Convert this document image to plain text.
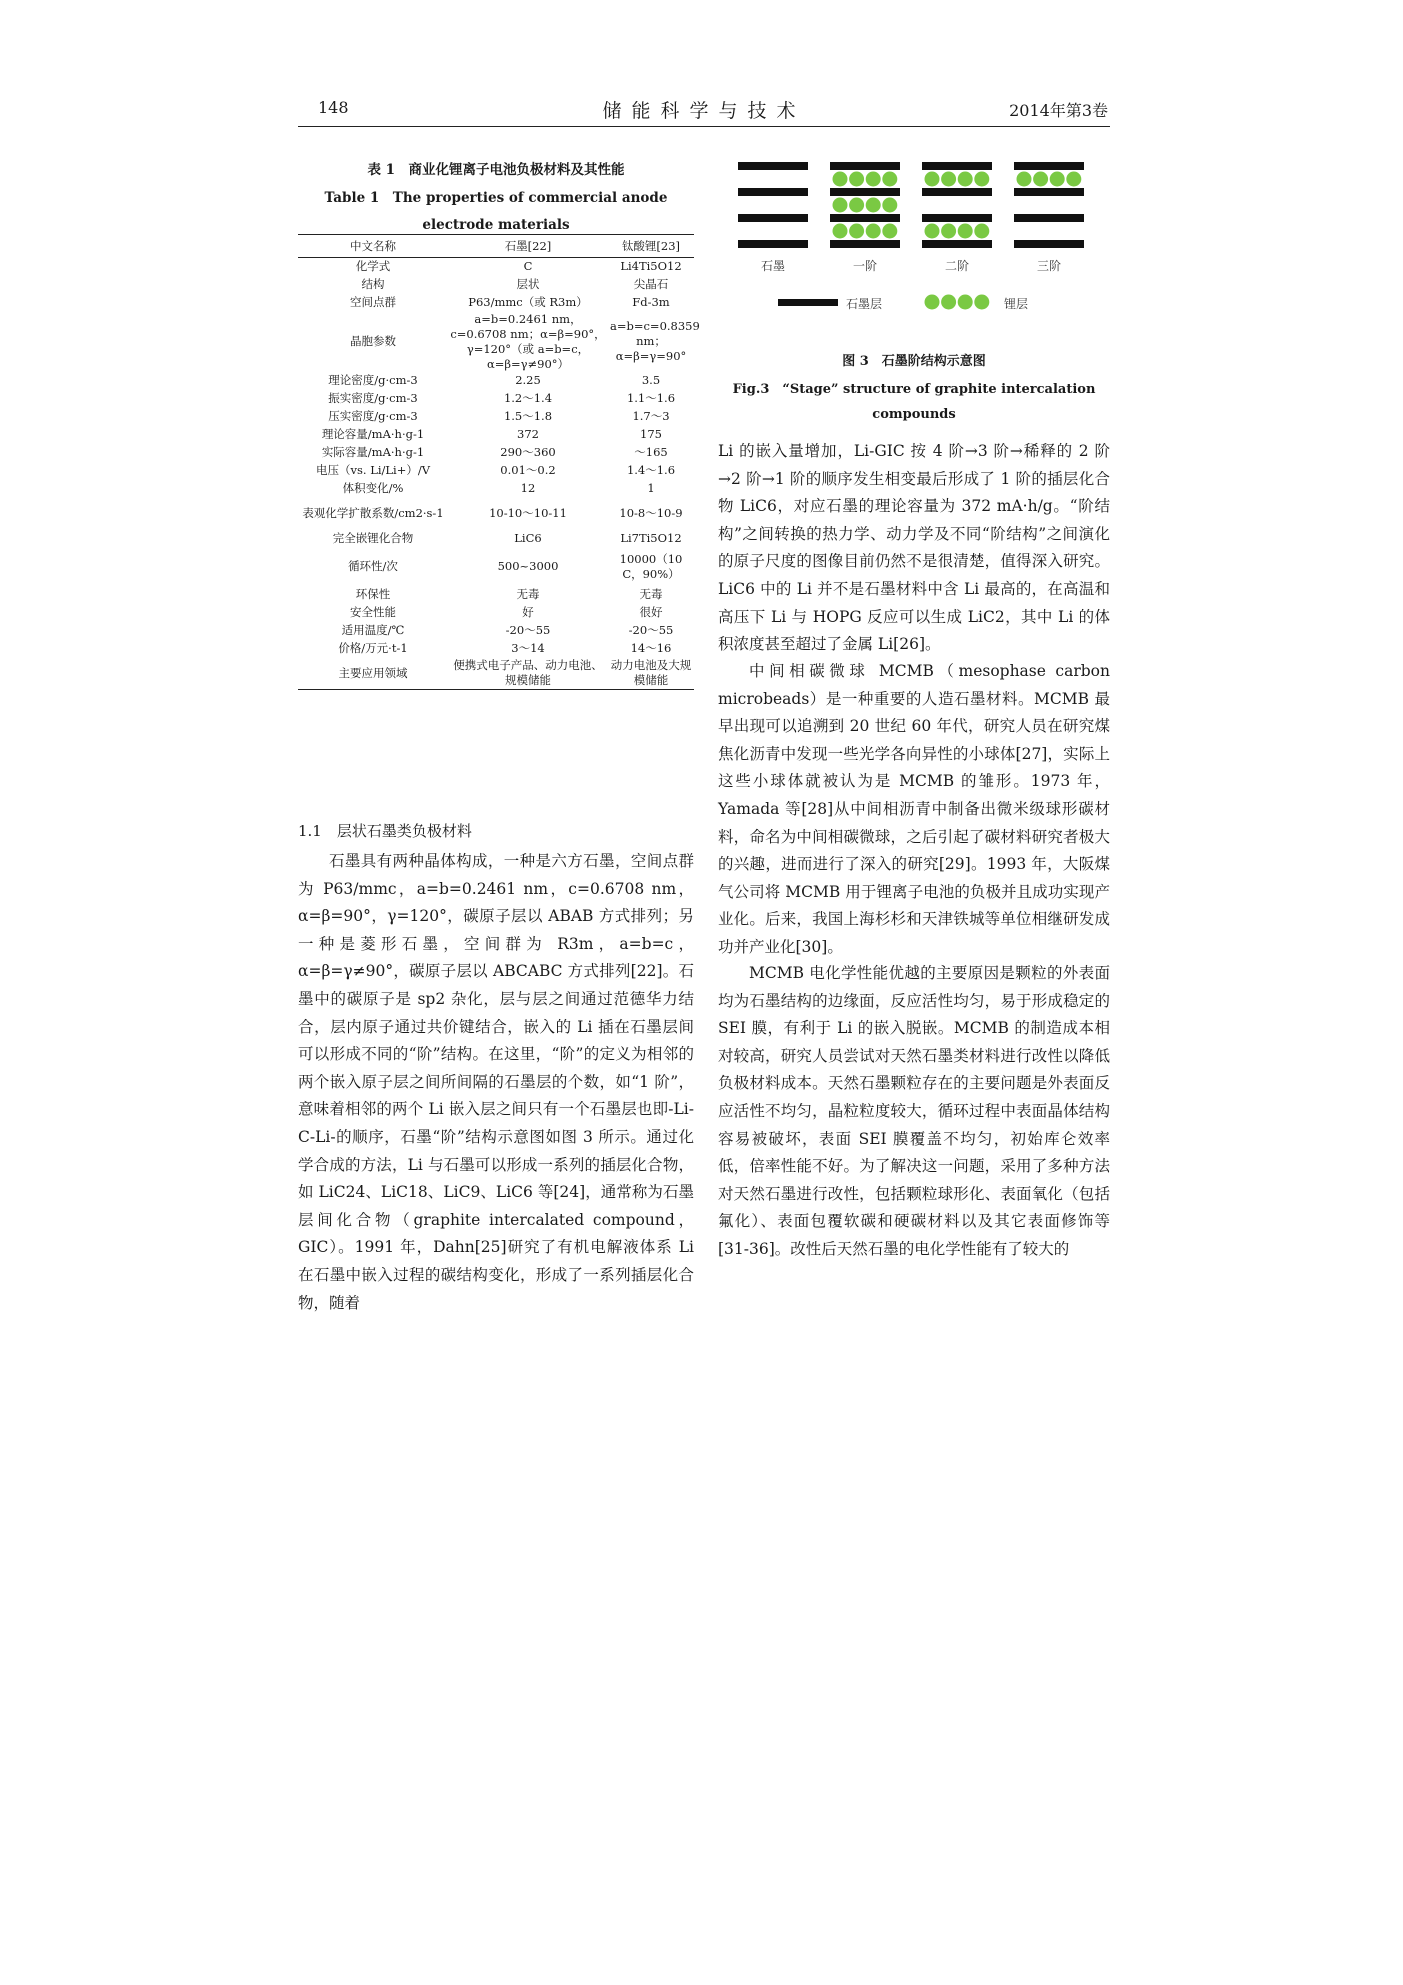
148	储能科学与技术	2014年第3卷
表 1　商业化锂离子电池负极材料及其性能
Table 1　The properties of commercial anode electrode materials
中文名称	石墨[22]	钛酸锂[23]
化学式	C	Li4Ti5O12
结构	层状	尖晶石
空间点群	P63/mmc（或 R3m）	Fd-3m
晶胞参数	a=b=0.2461 nm，c=0.6708 nm；α=β=90°，γ=120°（或 a=b=c，α=β=γ≠90°）	a=b=c=0.8359 nm；α=β=γ=90°
理论密度/g·cm-3	2.25	3.5
振实密度/g·cm-3	1.2～1.4	1.1～1.6
压实密度/g·cm-3	1.5～1.8	1.7～3
理论容量/mA·h·g-1	372	175
实际容量/mA·h·g-1	290～360	～165
电压（vs. Li/Li+）/V	0.01～0.2	1.4～1.6
体积变化/%	12	1
表观化学扩散系数/cm2·s-1	10-10～10-11	10-8～10-9
完全嵌锂化合物	LiC6	Li7Ti5O12
循环性/次	500~3000	10000（10 C，90%）
环保性	无毒	无毒
安全性能	好	很好
适用温度/℃	-20～55	-20～55
价格/万元·t-1	3～14	14～16
主要应用领域	便携式电子产品、动力电池、规模储能	动力电池及大规模储能
1.1　层状石墨类负极材料

石墨具有两种晶体构成，一种是六方石墨，空间点群为 P63/mmc，a=b=0.2461 nm，c=0.6708 nm，α=β=90°，γ=120°，碳原子层以 ABAB 方式排列；另一种是菱形石墨，空间群为 R3m，a=b=c，α=β=γ≠90°，碳原子层以 ABCABC 方式排列[22]。石墨中的碳原子是 sp2 杂化，层与层之间通过范德华力结合，层内原子通过共价键结合，嵌入的 Li 插在石墨层间可以形成不同的“阶”结构。在这里，“阶”的定义为相邻的两个嵌入原子层之间所间隔的石墨层的个数，如“1 阶”，意味着相邻的两个 Li 嵌入层之间只有一个石墨层也即-Li-C-Li-的顺序，石墨“阶”结构示意图如图 3 所示。通过化学合成的方法，Li 与石墨可以形成一系列的插层化合物，如 LiC24、LiC18、LiC9、LiC6 等[24]，通常称为石墨层间化合物（graphite intercalated compound，GIC）。1991 年，Dahn[25]研究了有机电解液体系 Li 在石墨中嵌入过程的碳结构变化，形成了一系列插层化合物，随着

石墨	一阶	二阶	三阶
石墨层	锂层
图 3　石墨阶结构示意图
Fig.3　“Stage” structure of graphite intercalation compounds

Li 的嵌入量增加，Li-GIC 按 4 阶→3 阶→稀释的 2 阶→2 阶→1 阶的顺序发生相变最后形成了 1 阶的插层化合物 LiC6，对应石墨的理论容量为 372 mA·h/g。“阶结构”之间转换的热力学、动力学及不同“阶结构”之间演化的原子尺度的图像目前仍然不是很清楚，值得深入研究。LiC6 中的 Li 并不是石墨材料中含 Li 最高的，在高温和高压下 Li 与 HOPG 反应可以生成 LiC2，其中 Li 的体积浓度甚至超过了金属 Li[26]。

中间相碳微球 MCMB（mesophase carbon microbeads）是一种重要的人造石墨材料。MCMB 最早出现可以追溯到 20 世纪 60 年代，研究人员在研究煤焦化沥青中发现一些光学各向异性的小球体[27]，实际上这些小球体就被认为是 MCMB 的雏形。1973 年，Yamada 等[28]从中间相沥青中制备出微米级球形碳材料，命名为中间相碳微球，之后引起了碳材料研究者极大的兴趣，进而进行了深入的研究[29]。1993 年，大阪煤气公司将 MCMB 用于锂离子电池的负极并且成功实现产业化。后来，我国上海杉杉和天津铁城等单位相继研发成功并产业化[30]。

MCMB 电化学性能优越的主要原因是颗粒的外表面均为石墨结构的边缘面，反应活性均匀，易于形成稳定的 SEI 膜，有利于 Li 的嵌入脱嵌。MCMB 的制造成本相对较高，研究人员尝试对天然石墨类材料进行改性以降低负极材料成本。天然石墨颗粒存在的主要问题是外表面反应活性不均匀，晶粒粒度较大，循环过程中表面晶体结构容易被破坏，表面 SEI 膜覆盖不均匀，初始库仑效率低，倍率性能不好。为了解决这一问题，采用了多种方法对天然石墨进行改性，包括颗粒球形化、表面氧化（包括氟化）、表面包覆软碳和硬碳材料以及其它表面修饰等[31-36]。改性后天然石墨的电化学性能有了较大的
